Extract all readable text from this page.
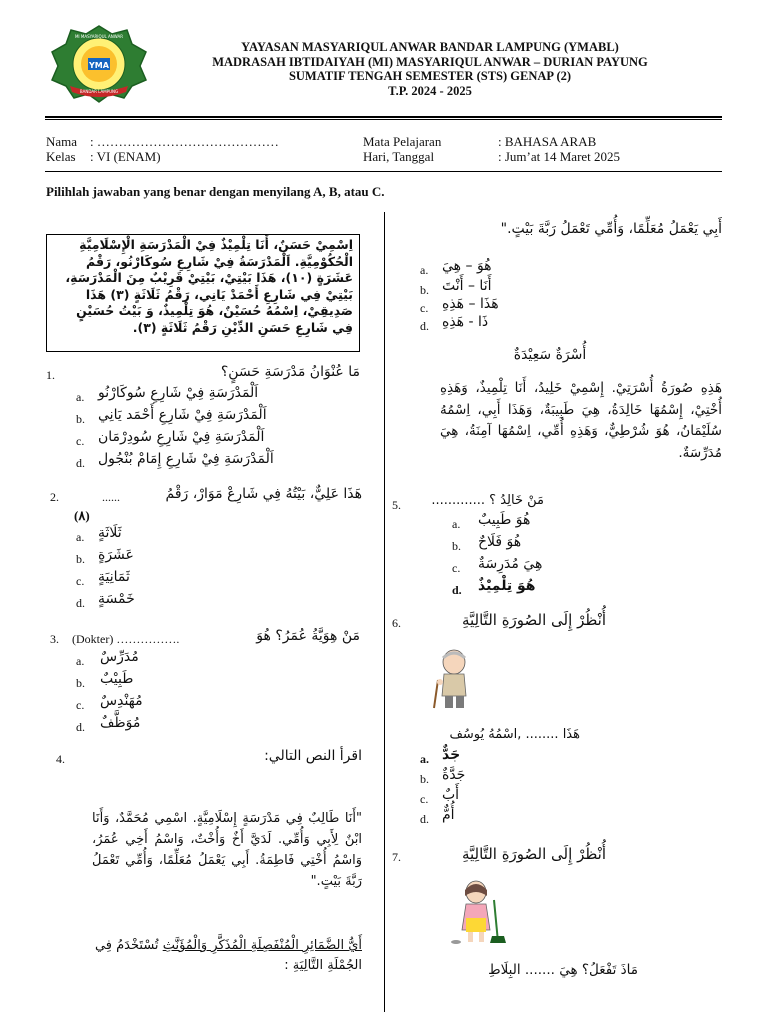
YMA
BANDAR LAMPUNG
MI MASYARIQUL ANWAR
YAYASAN MASYARIQUL ANWAR BANDAR LAMPUNG (YMABL)
MADRASAH IBTIDAIYAH (MI) MASYARIQUL ANWAR – DURIAN PAYUNG
SUMATIF TENGAH SEMESTER (STS) GENAP (2)
T.P. 2024 - 2025
Nama : ……………………………………
Kelas : VI (ENAM)
Mata Pelajaran	: BAHASA ARAB
Hari, Tanggal	: Jum’at 14 Maret 2025
Pilihlah jawaban yang benar dengan menyilang A, B, atau C.
اِسْمِيْ حَسَنٌ، أَنَا تِلْمِيْذٌ فِيْ الْمَدْرَسَةِ الْإِسْلَامِيَّةِ الْحُكُوْمِيَّةِ. اَلْمَدْرَسَةُ فِيْ شَارِعِ سُوكَارْنُو، رَقْمُ عَشَرَةٍ (١٠)، هَذَا بَيْتِيْ، بَيْتِيْ قَرِيْبٌ مِنَ الْمَدْرَسَةِ، بَيْتِيْ فِي شَارِعِ أَحْمَدْ يَانِي، رَقْمُ ثَلَاثَةٍ (٣) هَذَا صَدِيقِيْ، اِسْمُهُ حُسَيْنٌ، هُوَ تِلْمِيذٌ، وَ بَيْتُ حُسَيْنٍ فِي شَارِعِ حَسَنِ الدِّيْنِ رَقْمُ ثَلَاثَةٍ (٣).
1.	مَا عُنْوَانُ مَدْرَسَةِ حَسَنٍ؟
a. اَلْمَدْرَسَةِ فِيْ شَارِعِ سُوكَارْنُو
b. اَلْمَدْرَسَةِ فِيْ شَارِعِ أَحْمَد يَانِي
c. اَلْمَدْرَسَةِ فِيْ شَارِعِ سُودِرْمَان
d. اَلْمَدْرَسَةِ فِيْ شَارِعِ إِمَامْ بُنْجُول
2.	......	هَذَا عَلِيٌّ، بَيْتُهُ فِي شَارِعْ مَوَارْ، رَقْمُ
(٨)
a. ثَلَاثَةٍ
b. عَشَرَةٍ
c. ثَمَانِيَةٍ
d. خَمْسَةٍ
3. (Dokter) …………….	مَنْ هِوَيَّةُ عُمَرُ؟ هُوَ
a. مُدَرِّسٌ
b. طَبِيْبٌ
c. مُهَنْدِسٌ
d. مُوَظَّفٌ
4.	اقرأ النص التالي:
"أَنَا طَالِبٌ فِي مَدْرَسَةٍ إِسْلَامِيَّةٍ. اسْمِي مُحَمَّدٌ، وَأَنَا ابْنٌ لِأَبِي وَأُمِّي. لَدَيَّ أَخٌ وَأُخْتٌ، وَاسْمُ أَخِي عُمَرُ، وَاسْمُ أُخْتِي فَاطِمَةُ. أَبِي يَعْمَلُ مُعَلِّمًا، وَأُمِّي تَعْمَلُ رَبَّةَ بَيْتٍ."
أَيُّ الضَّمَائِرِ الْمُنْفَصِلَةِ الْمُذَكَّرِ وَالْمُؤَنَّثِ تُسْتَخْدَمُ فِي الجُمْلَةِ التَّالِيَةِ :
أَبِي يَعْمَلُ مُعَلِّمًا، وَأُمِّي تَعْمَلُ رَبَّةَ بَيْتٍ."
a. هُوَ – هِيَ
b. أَنَا – أَنْتَ
c. هَذَا – هَذِهِ
d. ذَا - هَذِهِ
أُسْرَةٌ سَعِيْدَةٌ
هَذِهِ صُورَةُ أُسْرَتِيْ. إِسْمِيْ خَلِيدُ، أَنَا تِلْمِيذٌ، وَهَذِهِ أُخْتِيْ، إِسْمُهَا خَالِدَةُ، هِيَ طَبِيبَةٌ، وَهَذَا أَبِي، اِسْمُهُ سُلَيْمَانُ، هُوَ شُرْطِيٌّ، وَهَذِهِ أُمِّي، اِسْمُهَا آمِنَةُ، هِيَ مُدَرِّسَةٌ.
5.	مَنْ خَالِدُ ؟ .............
a. هُوَ طَبِيبٌ
b. هُوَ فَلَاحٌ
c. هِيَ مُدَرِسَةٌ
d. هُوَ تِلْمِيْذٌ
6.	أُنْظُرْ إِلَى الصُورَةِ التَّالِيَّةِ
هَذَا ........ ,اسْمُهُ يُوسُف
a. جَدٌّ
b. جَدَّةٌ
c. أَبٌ
d. أُمٌّ
7.	أُنْظُرْ إِلَى الصُورَةِ التَّالِيَّةِ
مَاذَ تَفْعَلُ؟ هِيَ ....... البِلَاطِ
